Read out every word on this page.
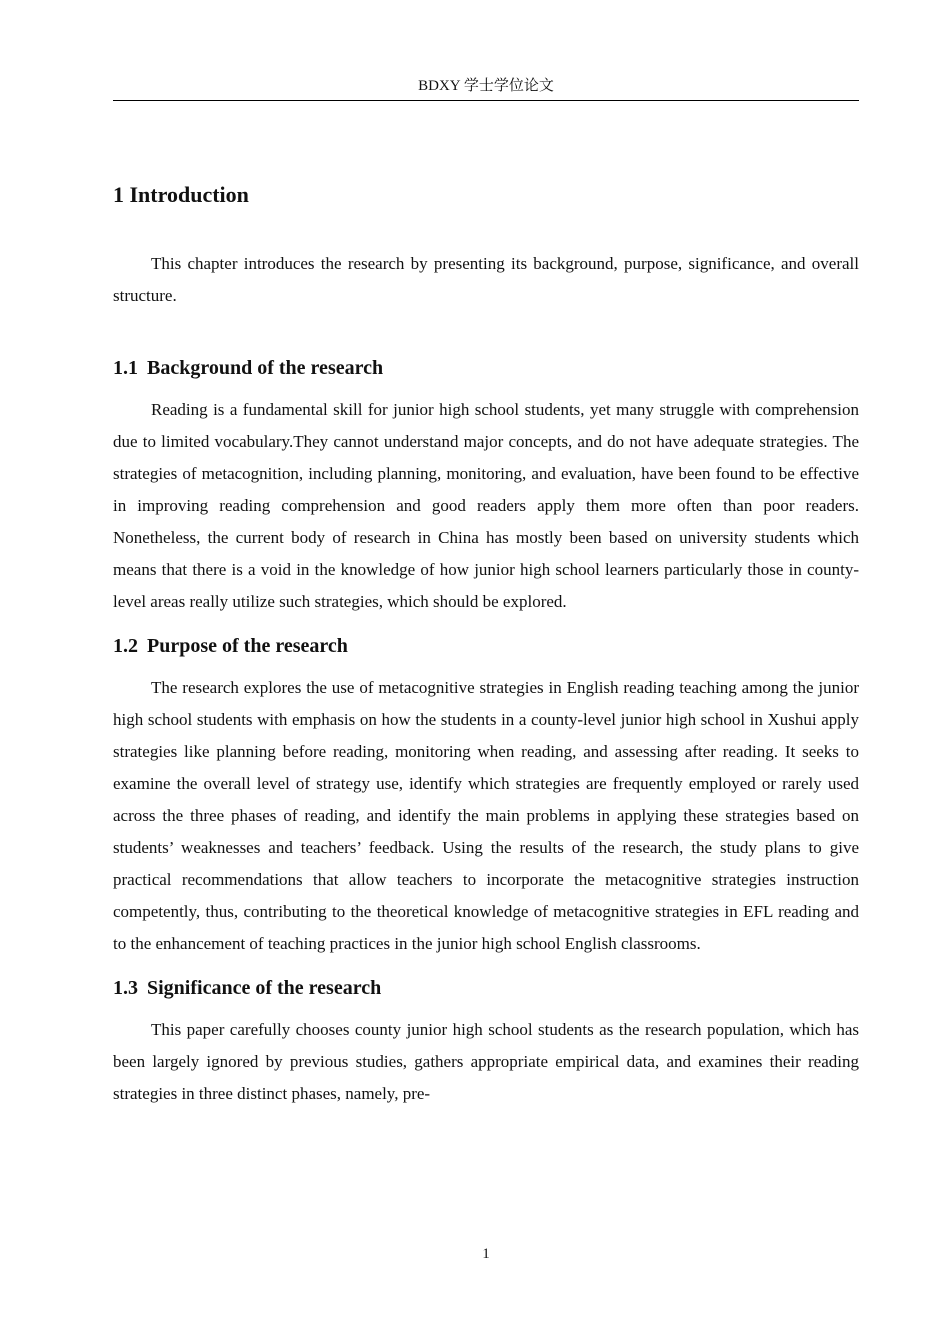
BDXY 学士学位论文
1 Introduction

This chapter introduces the research by presenting its background, purpose, significance, and overall structure.

1.1 Background of the research

Reading is a fundamental skill for junior high school students, yet many struggle with comprehension due to limited vocabulary.They cannot understand major concepts, and do not have adequate strategies. The strategies of metacognition, including planning, monitoring, and evaluation, have been found to be effective in improving reading comprehension and good readers apply them more often than poor readers. Nonetheless, the current body of research in China has mostly been based on university students which means that there is a void in the knowledge of how junior high school learners particularly those in county-level areas really utilize such strategies, which should be explored.

1.2 Purpose of the research

The research explores the use of metacognitive strategies in English reading teaching among the junior high school students with emphasis on how the students in a county-level junior high school in Xushui apply strategies like planning before reading, monitoring when reading, and assessing after reading. It seeks to examine the overall level of strategy use, identify which strategies are frequently employed or rarely used across the three phases of reading, and identify the main problems in applying these strategies based on students’ weaknesses and teachers’ feedback. Using the results of the research, the study plans to give practical recommendations that allow teachers to incorporate the metacognitive strategies instruction competently, thus, contributing to the theoretical knowledge of metacognitive strategies in EFL reading and to the enhancement of teaching practices in the junior high school English classrooms.

1.3 Significance of the research

This paper carefully chooses county junior high school students as the research population, which has been largely ignored by previous studies, gathers appropriate empirical data, and examines their reading strategies in three distinct phases, namely, pre-

1
